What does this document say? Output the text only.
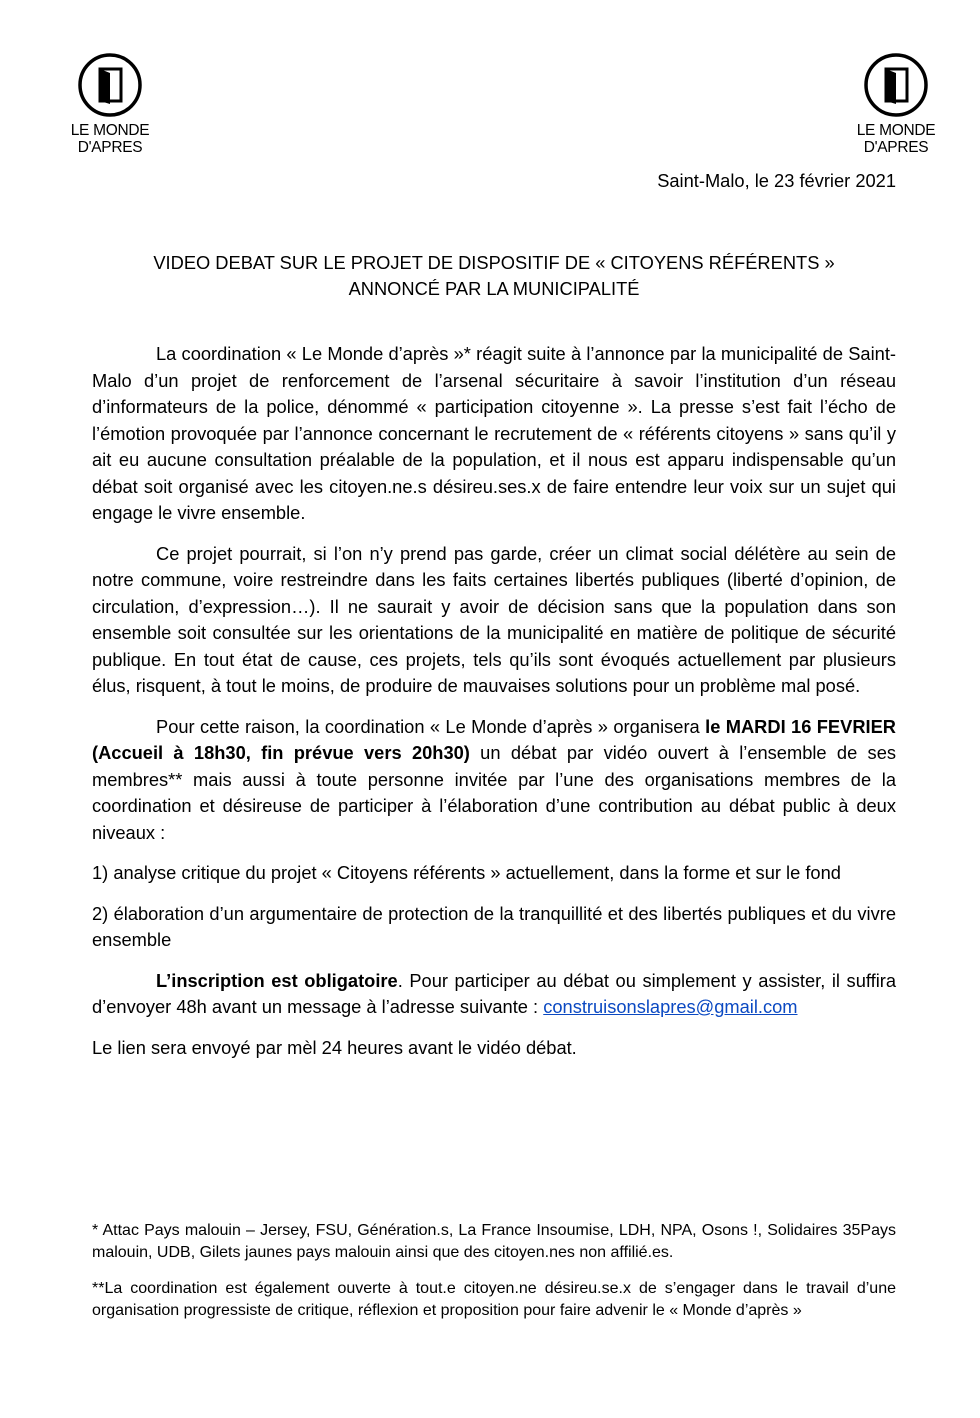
LE MONDE
D'APRES
LE MONDE
D'APRES
Saint-Malo, le 23 février 2021
VIDEO DEBAT SUR LE PROJET DE DISPOSITIF DE « CITOYENS RÉFÉRENTS »
ANNONCÉ PAR LA MUNICIPALITÉ

La coordination « Le Monde d’après »* réagit suite à l’annonce par la municipalité de Saint-Malo d’un projet de renforcement de l’arsenal sécuritaire à savoir l’institution d’un réseau d’informateurs de la police, dénommé « participation citoyenne ». La presse s’est fait l’écho de l’émotion provoquée par l’annonce concernant le recrutement de « référents citoyens » sans qu’il y ait eu aucune consultation préalable de la population, et il nous est apparu indispensable qu’un débat soit organisé avec les citoyen.ne.s désireu.ses.x de faire entendre leur voix sur un sujet qui engage le vivre ensemble.

Ce projet pourrait, si l’on n’y prend pas garde, créer un climat social délétère au sein de notre commune, voire restreindre dans les faits certaines libertés publiques (liberté d’opinion, de circulation, d’expression…). Il ne saurait y avoir de décision sans que la population dans son ensemble soit consultée sur les orientations de la municipalité en matière de politique de sécurité publique. En tout état de cause, ces projets, tels qu’ils sont évoqués actuellement par plusieurs élus, risquent, à tout le moins, de produire de mauvaises solutions pour un problème mal posé.

Pour cette raison, la coordination « Le Monde d’après » organisera le MARDI 16 FEVRIER (Accueil à 18h30, fin prévue vers 20h30) un débat par vidéo ouvert à l’ensemble de ses membres** mais aussi à toute personne invitée par l’une des organisations membres de la coordination et désireuse de participer à l’élaboration d’une contribution au débat public à deux niveaux :

1) analyse critique du projet « Citoyens référents » actuellement, dans la forme et sur le fond

2) élaboration d’un argumentaire de protection de la tranquillité et des libertés publiques et du vivre ensemble

L’inscription est obligatoire. Pour participer au débat ou simplement y assister, il suffira d’envoyer 48h avant un message à l’adresse suivante : construisonslapres@gmail.com

Le lien sera envoyé par mèl 24 heures avant le vidéo débat.

* Attac Pays malouin – Jersey, FSU, Génération.s, La France Insoumise, LDH, NPA, Osons !, Solidaires 35Pays malouin, UDB, Gilets jaunes pays malouin ainsi que des citoyen.nes non affilié.es.

**La coordination est également ouverte à tout.e citoyen.ne désireu.se.x de s’engager dans le travail d’une organisation progressiste de critique, réflexion et proposition pour faire advenir le « Monde d’après »
